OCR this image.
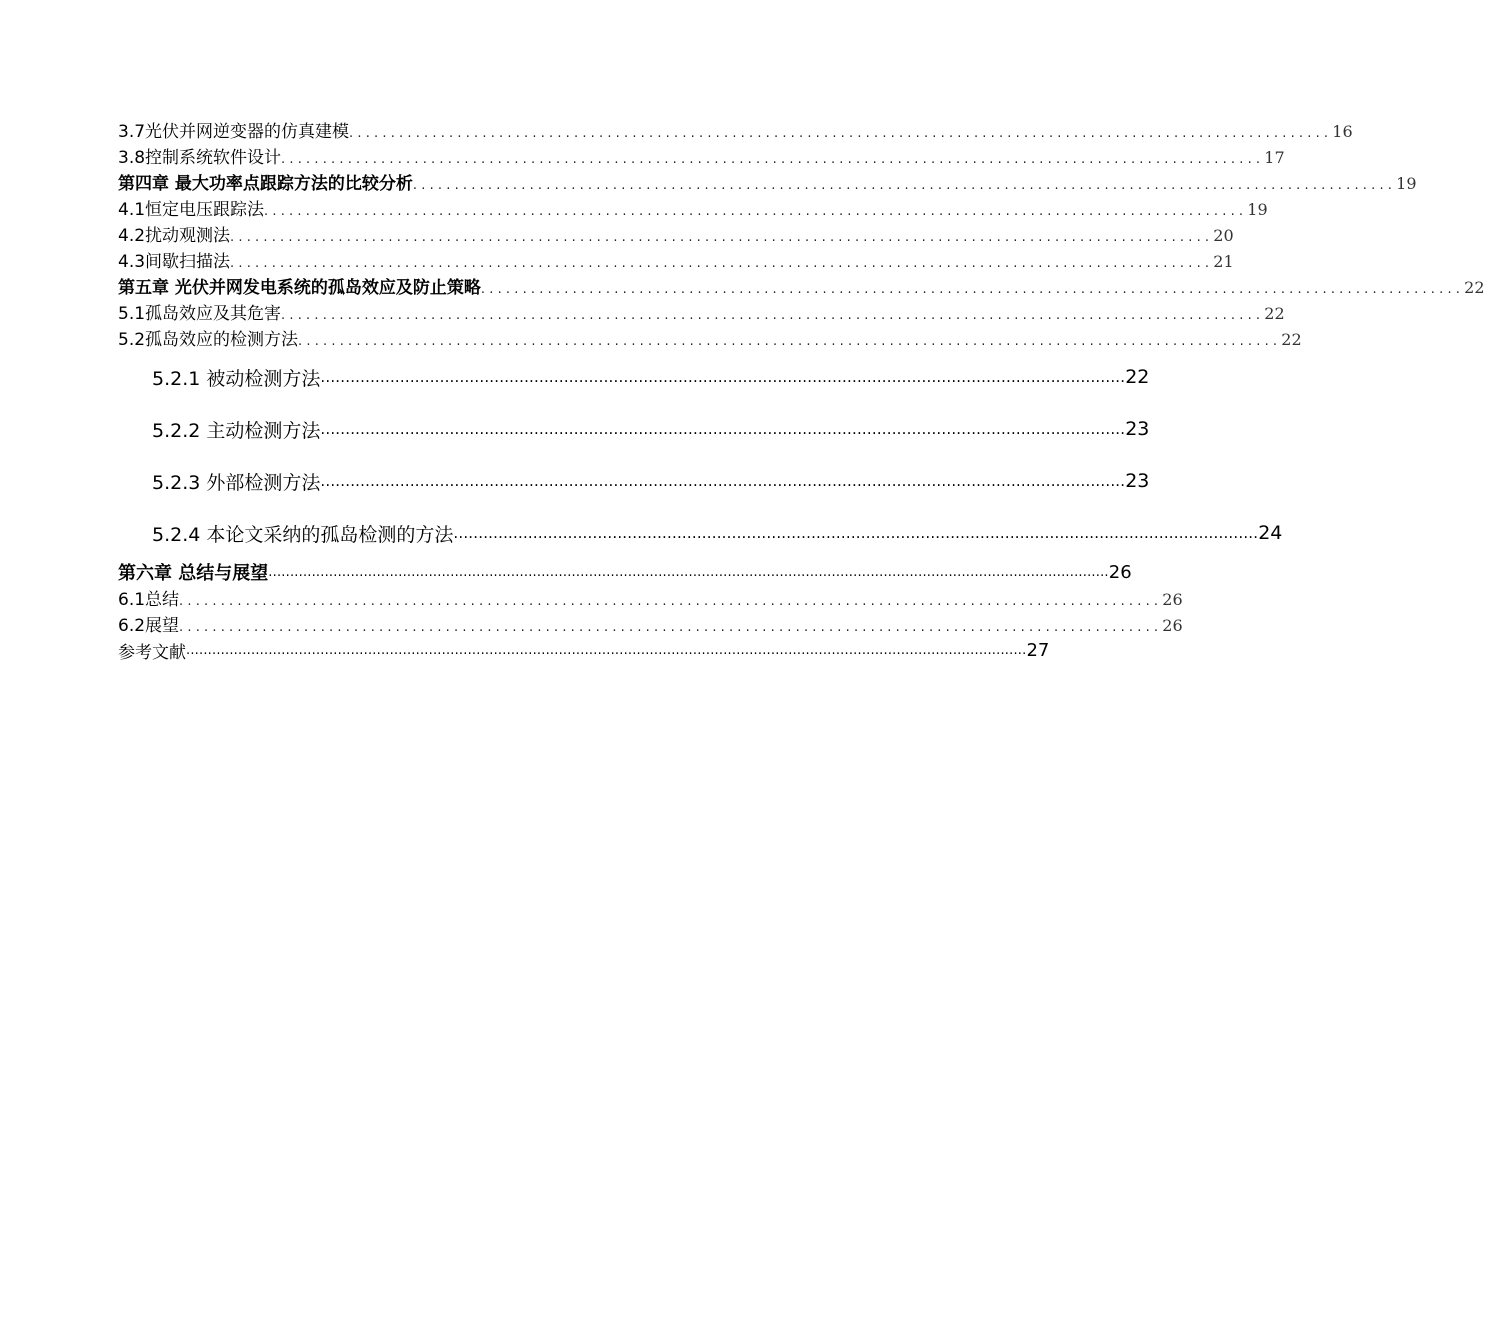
3.7光伏并网逆变器的仿真建模 ...................................................................................................................... 16
3.8控制系统软件设计 ...................................................................................................................... 17
第四章 最大功率点跟踪方法的比较分析 ...................................................................................................................... 19
4.1恒定电压跟踪法 ...................................................................................................................... 19
4.2扰动观测法 ...................................................................................................................... 20
4.3间歇扫描法 ...................................................................................................................... 21
第五章 光伏并网发电系统的孤岛效应及防止策略 ...................................................................................................................... 22
5.1孤岛效应及其危害 ...................................................................................................................... 22
5.2孤岛效应的检测方法 ...................................................................................................................... 22
5.2.1 被动检测方法 .................................................................................................................................................................. 22
5.2.2 主动检测方法 .................................................................................................................................................................. 23
5.2.3 外部检测方法 .................................................................................................................................................................. 23
5.2.4 本论文采纳的孤岛检测的方法 .................................................................................................................................................................. 24
第六章 总结与展望 .................................................................................................................................................................................................. 26
6.1总结 ...................................................................................................................... 26
6.2展望 ...................................................................................................................... 26
参考文献 .................................................................................................................................................................................................. 27
